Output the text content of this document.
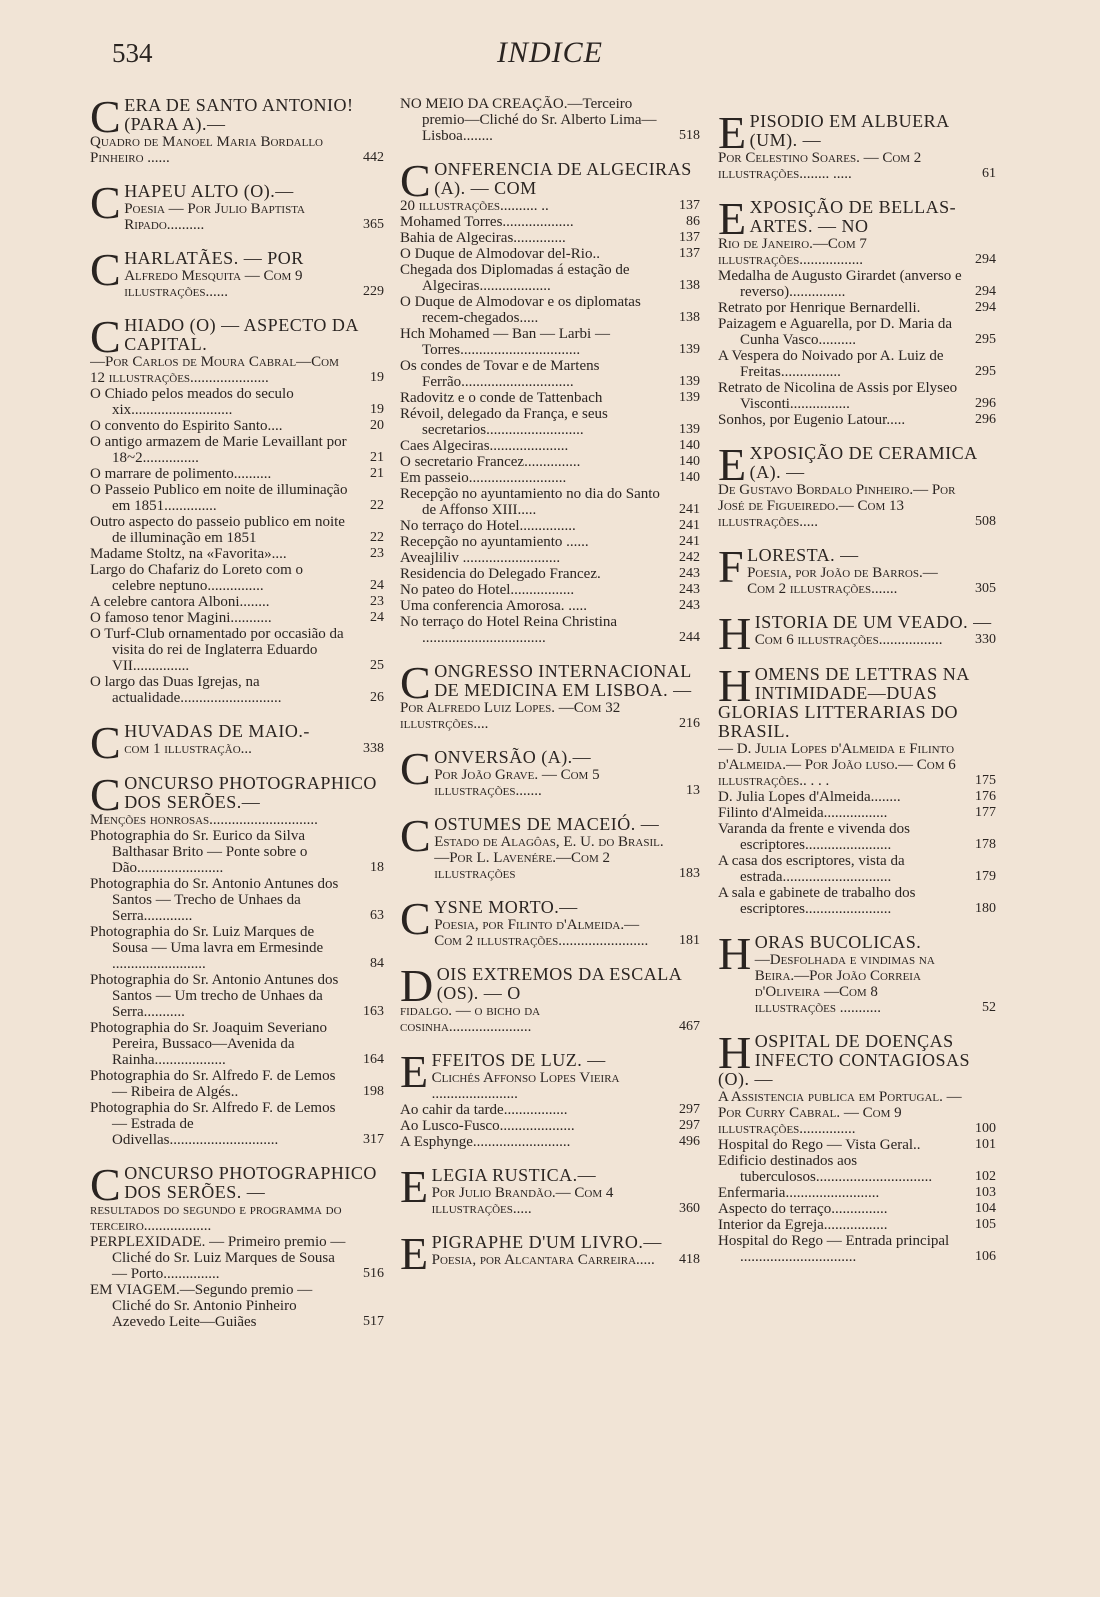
534	INDICE
CERA DE SANTO ANTONIO! (PARA A).—
Quadro de Manoel Maria Bordallo Pinheiro ......	442
CHAPEU ALTO (O).—
Poesia — Por Julio Baptista Ripado..........	365
CHARLATÃES. — POR
Alfredo Mesquita — Com 9 illustrações......	229
CHIADO (O) — ASPECTO DA CAPITAL.
—Por Carlos de Moura Cabral—Com 12 illustrações.....................	19
O Chiado pelos meados do seculo xix...........................	19
O convento do Espirito Santo....	20
O antigo armazem de Marie Levaillant por 18~2...............	21
O marrare de polimento..........	21
O Passeio Publico em noite de illuminação em 1851..............	22
Outro aspecto do passeio publico em noite de illuminação em 1851	22
Madame Stoltz, na «Favorita»....	23
Largo do Chafariz do Loreto com o celebre neptuno...............	24
A celebre cantora Alboni........	23
O famoso tenor Magini...........	24
O Turf-Club ornamentado por occasião da visita do rei de Inglaterra Eduardo VII...............	25
O largo das Duas Igrejas, na actualidade...........................	26
CHUVADAS DE MAIO.-
com 1 illustração...	338
CONCURSO PHOTOGRAPHICO DOS SERÕES.—
Menções honrosas.............................
Photographia do Sr. Eurico da Silva Balthasar Brito — Ponte sobre o Dão.......................	18
Photographia do Sr. Antonio Antunes dos Santos — Trecho de Unhaes da Serra.............	63
Photographia do Sr. Luiz Marques de Sousa — Uma lavra em Ermesinde .........................	84
Photographia do Sr. Antonio Antunes dos Santos — Um trecho de Unhaes da Serra...........	163
Photographia do Sr. Joaquim Severiano Pereira, Bussaco—Avenida da Rainha...................	164
Photographia do Sr. Alfredo F. de Lemos — Ribeira de Algés..	198
Photographia do Sr. Alfredo F. de Lemos — Estrada de Odivellas.............................	317
CONCURSO PHOTOGRAPHICO DOS SERÕES. —
resultados do segundo e programma do terceiro..................
PERPLEXIDADE. — Primeiro premio —Cliché do Sr. Luiz Marques de Sousa — Porto...............	516
EM VIAGEM.—Segundo premio — Cliché do Sr. Antonio Pinheiro Azevedo Leite—Guiães	517
NO MEIO DA CREAÇÃO.—Terceiro premio—Cliché do Sr. Alberto Lima—Lisboa........	518
CONFERENCIA DE ALGECIRAS (A). — COM
20 illustrações.......... ..	137
Mohamed Torres...................	86
Bahia de Algeciras..............	137
O Duque de Almodovar del-Rio..	137
Chegada dos Diplomadas á estação de Algeciras...................	138
O Duque de Almodovar e os diplomatas recem-chegados.....	138
Hch Mohamed — Ban — Larbi — Torres................................	139
Os condes de Tovar e de Martens Ferrão..............................	139
Radovitz e o conde de Tattenbach	139
Révoil, delegado da França, e seus secretarios..........................	139
Caes Algeciras.....................	140
O secretario Francez...............	140
Em passeio..........................	140
Recepção no ayuntamiento no dia do Santo de Affonso XIII.....	241
No terraço do Hotel...............	241
Recepção no ayuntamiento ......	241
Aveajliliv ..........................	242
Residencia do Delegado Francez.	243
No pateo do Hotel.................	243
Uma conferencia Amorosa. .....	243
No terraço do Hotel Reina Christina .................................	244
CONGRESSO INTERNACIONAL DE MEDICINA EM LISBOA. —
Por Alfredo Luiz Lopes. —Com 32 illustrções....	216
CONVERSÃO (A).—
Por João Grave. — Com 5 illustrações.......	13
COSTUMES DE MACEIÓ. —
Estado de Alagôas, E. U. do Brasil. —Por L. Lavenére.—Com 2 illustrações	183
CYSNE MORTO.—
Poesia, por Filinto d'Almeida.—Com 2 illustrações........................	181
DOIS EXTREMOS DA ESCALA (OS). — O
fidalgo. — o bicho da cosinha......................	467
EFFEITOS DE LUZ. —
Clichés Affonso Lopes Vieira .......................
Ao cahir da tarde.................	297
Ao Lusco-Fusco....................	297
A Esphynge..........................	496
ELEGIA RUSTICA.—
Por Julio Brandão.— Com 4 illustrações.....	360
EPIGRAPHE D'UM LIVRO.—
Poesia, por Alcantara Carreira.....	418
EPISODIO EM ALBUERA (UM). —
Por Celestino Soares. — Com 2 illustrações........ .....	61
EXPOSIÇÃO DE BELLAS-ARTES. — NO
Rio de Janeiro.—Com 7 illustrações.................	294
Medalha de Augusto Girardet (anverso e reverso)...............	294
Retrato por Henrique Bernardelli.	294
Paizagem e Aguarella, por D. Maria da Cunha Vasco..........	295
A Vespera do Noivado por A. Luiz de Freitas................	295
Retrato de Nicolina de Assis por Elyseo Visconti................	296
Sonhos, por Eugenio Latour.....	296
EXPOSIÇÃO DE CERAMICA (A). —
De Gustavo Bordalo Pinheiro.— Por José de Figueiredo.— Com 13 illustrações.....	508
FLORESTA. —
Poesia, por João de Barros.— Com 2 illustrações.......	305
HISTORIA DE UM VEADO. —
Com 6 illustrações.................	330
HOMENS DE LETTRAS NA INTIMIDADE—DUAS GLORIAS LITTERARIAS DO BRASIL.
— D. Julia Lopes d'Almeida e Filinto d'Almeida.— Por João luso.— Com 6 illustrações.. . . .	175
D. Julia Lopes d'Almeida........	176
Filinto d'Almeida.................	177
Varanda da frente e vivenda dos escriptores.......................	178
A casa dos escriptores, vista da estrada.............................	179
A sala e gabinete de trabalho dos escriptores.......................	180
HORAS BUCOLICAS.
—Desfolhada e vindimas na Beira.—Por João Correia d'Oliveira —Com 8 illustrações ...........	52
HOSPITAL DE DOENÇAS INFECTO CONTAGIOSAS (O). —
A Assistencia publica em Portugal. — Por Curry Cabral. — Com 9 illustrações...............	100
Hospital do Rego — Vista Geral..	101
Edificio destinados aos tuberculosos...............................	102
Enfermaria.........................	103
Aspecto do terraço...............	104
Interior da Egreja.................	105
Hospital do Rego — Entrada principal ...............................	106
